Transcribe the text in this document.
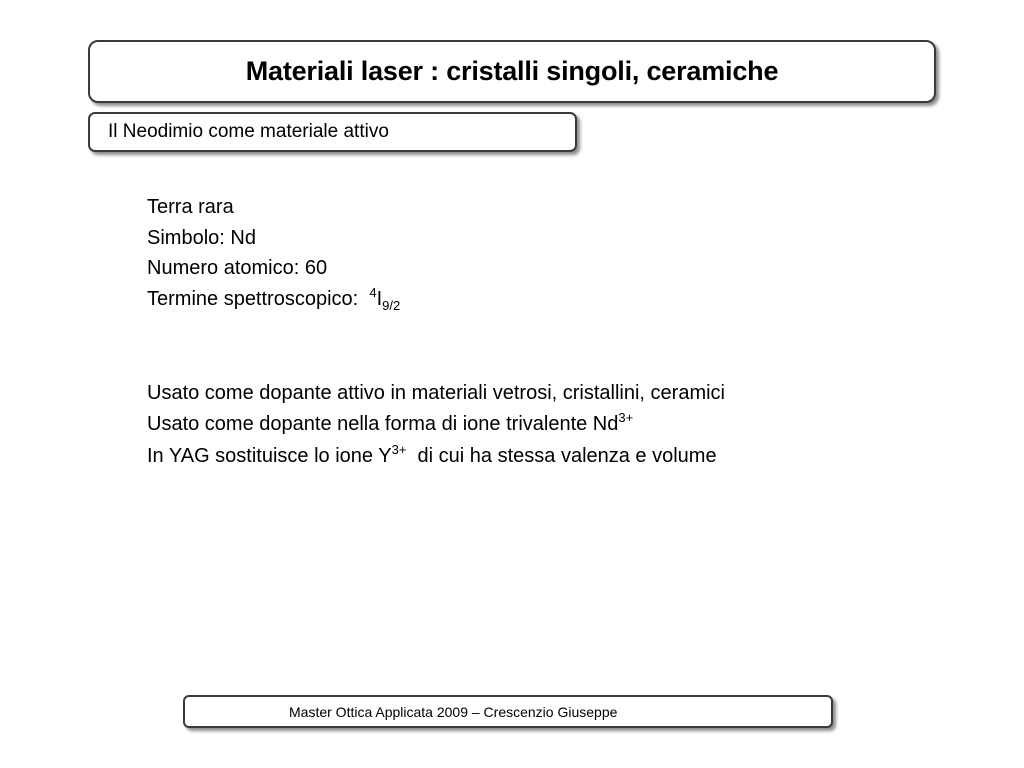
Materiali laser : cristalli singoli, ceramiche
Il Neodimio come materiale attivo
Terra rara
Simbolo: Nd
Numero atomico: 60
Termine spettroscopico:  $^4I_{9/2}$
Usato come dopante attivo in materiali vetrosi, cristallini, ceramici
Usato come dopante nella forma di ione trivalente $Nd^{3+}$
In YAG sostituisce lo ione $Y^{3+}$  di cui ha stessa valenza e volume
Master Ottica Applicata 2009 – Crescenzio Giuseppe
